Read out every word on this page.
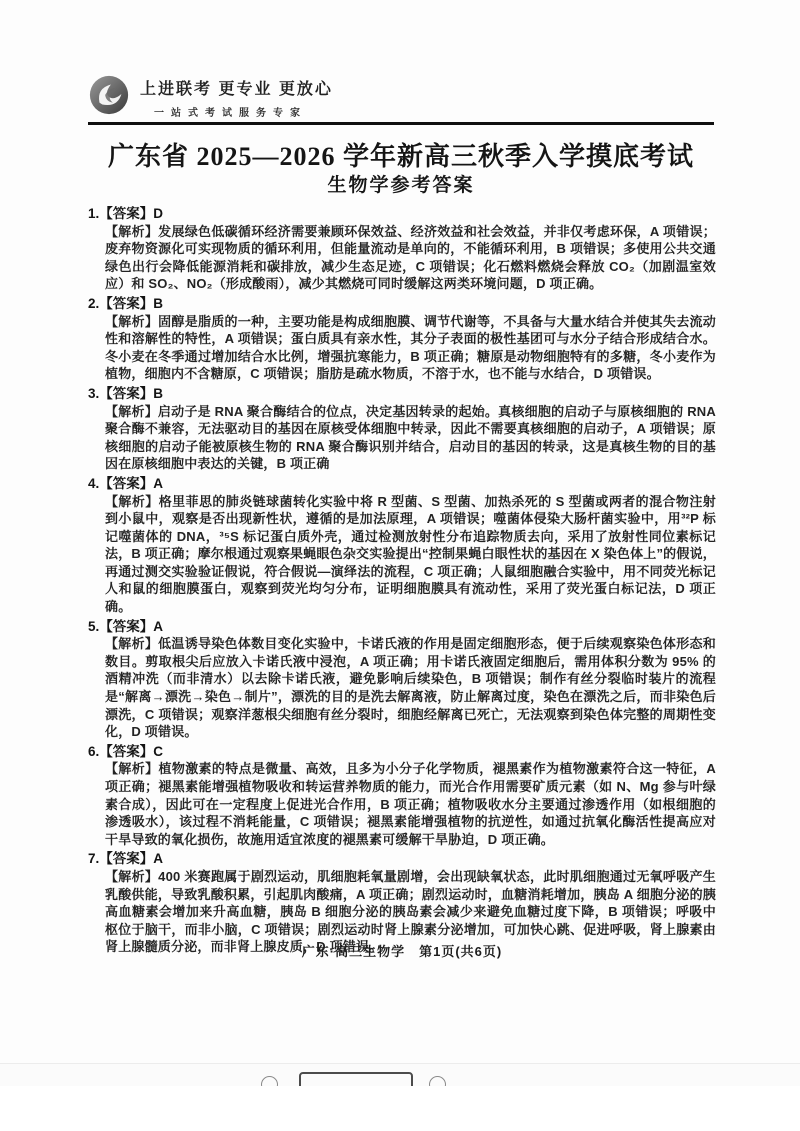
上进联考 更专业 更放心
一站式考试服务专家
广东省 2025—2026 学年新高三秋季入学摸底考试
生物学参考答案
1.【答案】D

【解析】发展绿色低碳循环经济需要兼顾环保效益、经济效益和社会效益，并非仅考虑环保，A 项错误；废弃物资源化可实现物质的循环利用，但能量流动是单向的，不能循环利用，B 项错误；多使用公共交通绿色出行会降低能源消耗和碳排放，减少生态足迹，C 项错误；化石燃料燃烧会释放 CO₂（加剧温室效应）和 SO₂、NO₂（形成酸雨），减少其燃烧可同时缓解这两类环境问题，D 项正确。

2.【答案】B

【解析】固醇是脂质的一种，主要功能是构成细胞膜、调节代谢等，不具备与大量水结合并使其失去流动性和溶解性的特性，A 项错误；蛋白质具有亲水性，其分子表面的极性基团可与水分子结合形成结合水。冬小麦在冬季通过增加结合水比例，增强抗寒能力，B 项正确；糖原是动物细胞特有的多糖，冬小麦作为植物，细胞内不含糖原，C 项错误；脂肪是疏水物质，不溶于水，也不能与水结合，D 项错误。

3.【答案】B

【解析】启动子是 RNA 聚合酶结合的位点，决定基因转录的起始。真核细胞的启动子与原核细胞的 RNA 聚合酶不兼容，无法驱动目的基因在原核受体细胞中转录，因此不需要真核细胞的启动子，A 项错误；原核细胞的启动子能被原核生物的 RNA 聚合酶识别并结合，启动目的基因的转录，这是真核生物的目的基因在原核细胞中表达的关键，B 项正确

4.【答案】A

【解析】格里菲思的肺炎链球菌转化实验中将 R 型菌、S 型菌、加热杀死的 S 型菌或两者的混合物注射到小鼠中，观察是否出现新性状，遵循的是加法原理，A 项错误；噬菌体侵染大肠杆菌实验中，用³²P 标记噬菌体的 DNA，³⁵S 标记蛋白质外壳，通过检测放射性分布追踪物质去向，采用了放射性同位素标记法，B 项正确；摩尔根通过观察果蝇眼色杂交实验提出“控制果蝇白眼性状的基因在 X 染色体上”的假说，再通过测交实验验证假说，符合假说—演绎法的流程，C 项正确；人鼠细胞融合实验中，用不同荧光标记人和鼠的细胞膜蛋白，观察到荧光均匀分布，证明细胞膜具有流动性，采用了荧光蛋白标记法，D 项正确。

5.【答案】A

【解析】低温诱导染色体数目变化实验中，卡诺氏液的作用是固定细胞形态，便于后续观察染色体形态和数目。剪取根尖后应放入卡诺氏液中浸泡，A 项正确；用卡诺氏液固定细胞后，需用体积分数为 95% 的酒精冲洗（而非清水）以去除卡诺氏液，避免影响后续染色，B 项错误；制作有丝分裂临时装片的流程是“解离→漂洗→染色→制片”，漂洗的目的是洗去解离液，防止解离过度，染色在漂洗之后，而非染色后漂洗，C 项错误；观察洋葱根尖细胞有丝分裂时，细胞经解离已死亡，无法观察到染色体完整的周期性变化，D 项错误。

6.【答案】C

【解析】植物激素的特点是微量、高效，且多为小分子化学物质，褪黑素作为植物激素符合这一特征，A 项正确；褪黑素能增强植物吸收和转运营养物质的能力，而光合作用需要矿质元素（如 N、Mg 参与叶绿素合成），因此可在一定程度上促进光合作用，B 项正确；植物吸收水分主要通过渗透作用（如根细胞的渗透吸水），该过程不消耗能量，C 项错误；褪黑素能增强植物的抗逆性，如通过抗氧化酶活性提高应对干旱导致的氧化损伤，故施用适宜浓度的褪黑素可缓解干旱胁迫，D 项正确。

7.【答案】A

【解析】400 米赛跑属于剧烈运动，肌细胞耗氧量剧增，会出现缺氧状态，此时肌细胞通过无氧呼吸产生乳酸供能，导致乳酸积累，引起肌肉酸痛，A 项正确；剧烈运动时，血糖消耗增加，胰岛 A 细胞分泌的胰高血糖素会增加来升高血糖，胰岛 B 细胞分泌的胰岛素会减少来避免血糖过度下降，B 项错误；呼吸中枢位于脑干，而非小脑，C 项错误；剧烈运动时肾上腺素分泌增加，可加快心跳、促进呼吸，肾上腺素由肾上腺髓质分泌，而非肾上腺皮质，D 项错误。

广东·高三生物学　第1页(共6页)
